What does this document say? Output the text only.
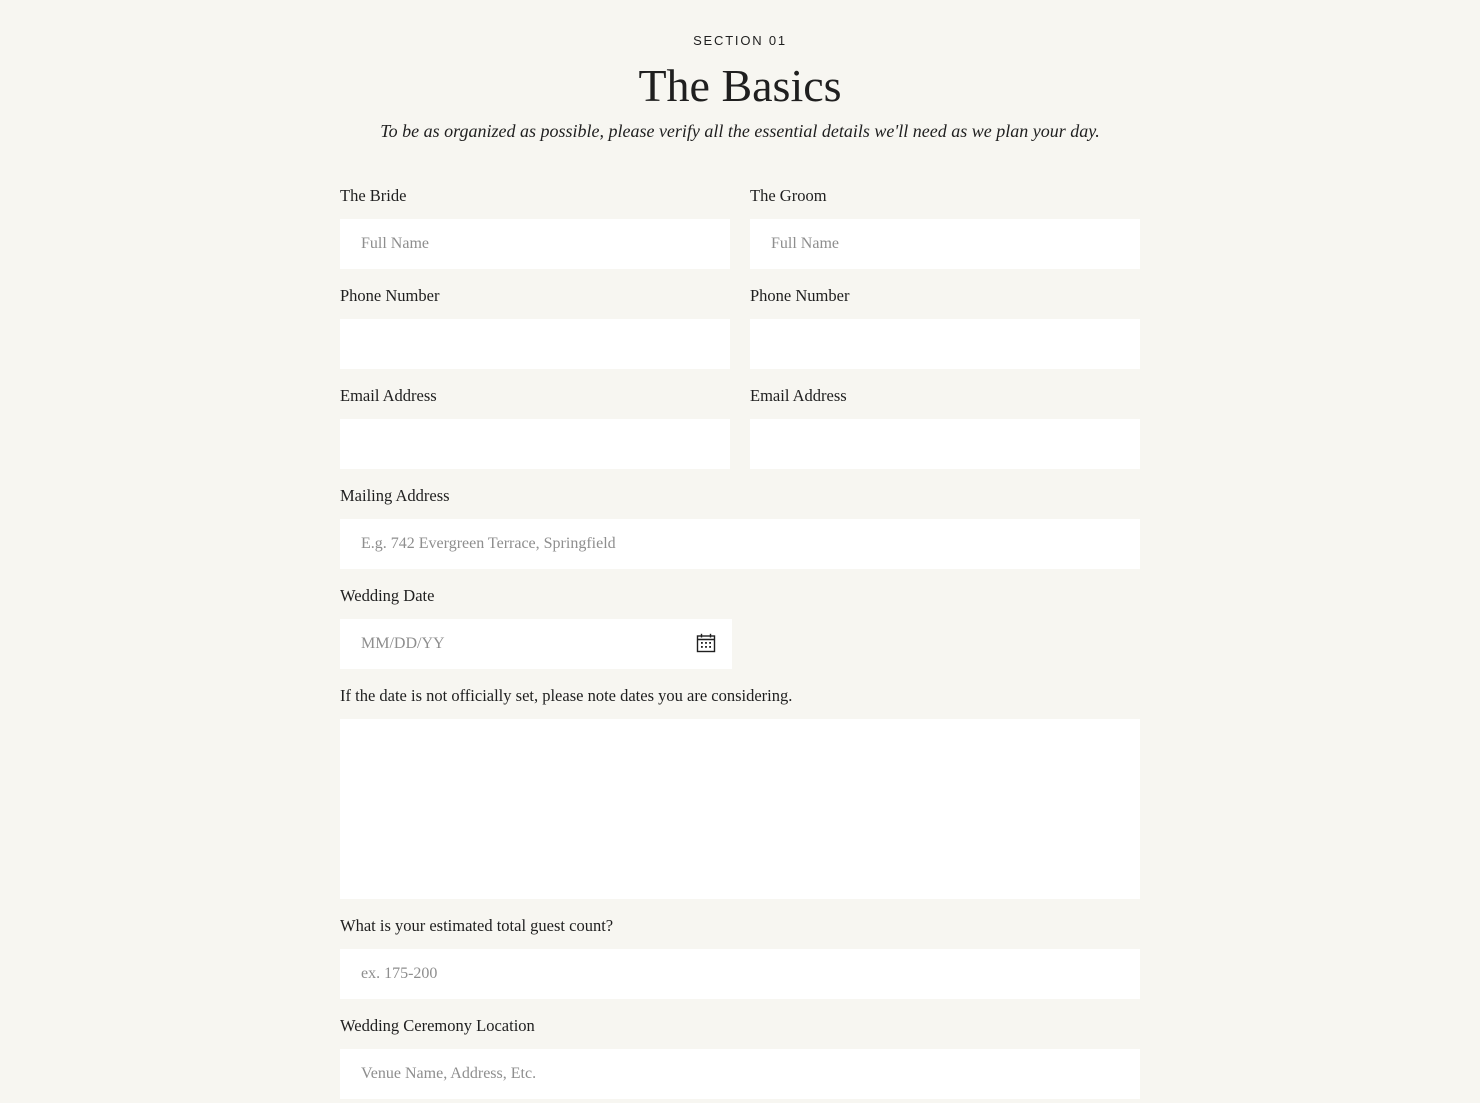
SECTION 01
The Basics
To be as organized as possible, please verify all the essential details we'll need as we plan your day.
The Bride
Full Name
Phone Number
Email Address
The Groom
Full Name
Phone Number
Email Address
Mailing Address
E.g. 742 Evergreen Terrace, Springfield
Wedding Date
MM/DD/YY
If the date is not officially set, please note dates you are considering.
What is your estimated total guest count?
ex. 175-200
Wedding Ceremony Location
Venue Name, Address, Etc.
